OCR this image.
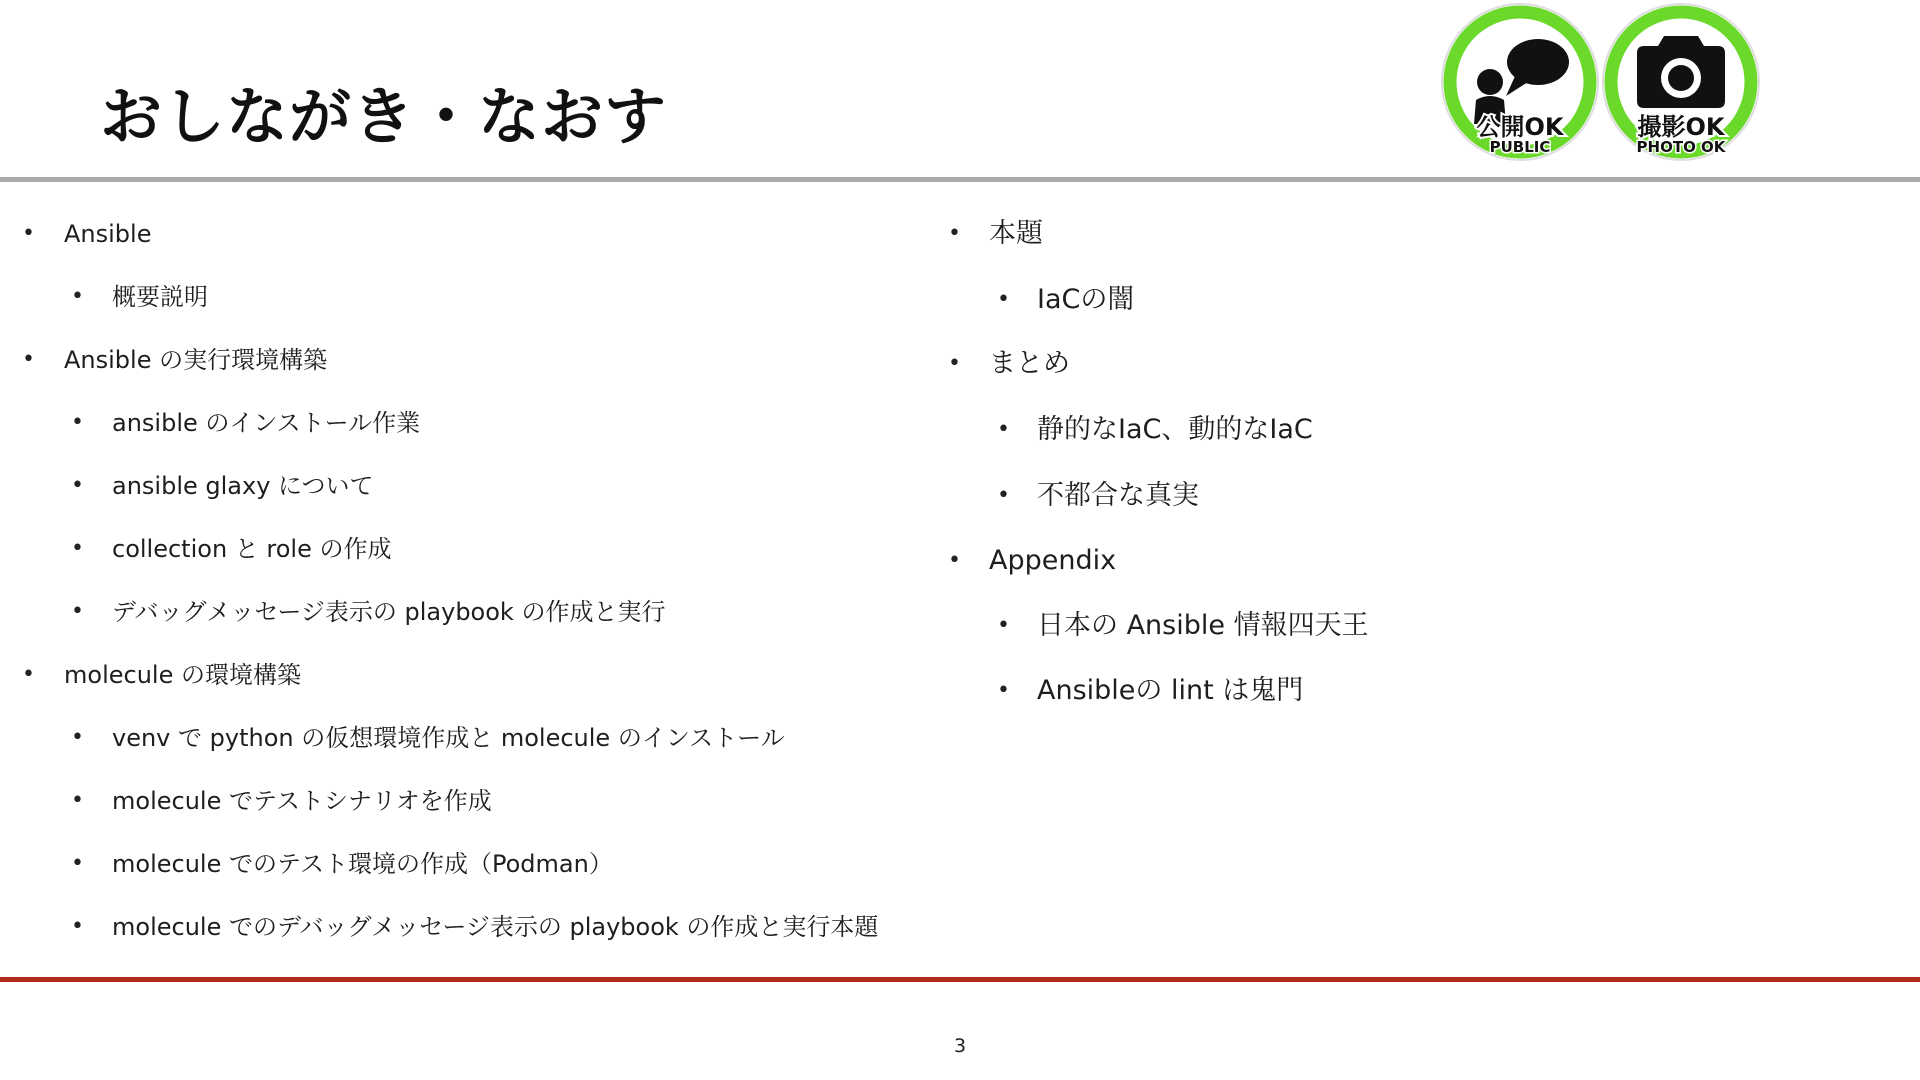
おしながき・なおす	公開OK
PUBLIC
撮影OK
PHOTO OK
• Ansible
• 概要説明
• Ansible の実行環境構築
• ansible のインストール作業
• ansible glaxy について
• collection と role の作成
• デバッグメッセージ表示の playbook の作成と実行
• molecule の環境構築
• venv で python の仮想環境作成と molecule のインストール
• molecule でテストシナリオを作成
• molecule でのテスト環境の作成（Podman）
• molecule でのデバッグメッセージ表示の playbook の作成と実行本題
• 本題
• IaCの闇
• まとめ
• 静的なIaC、動的なIaC
• 不都合な真実
• Appendix
• 日本の Ansible 情報四天王
• Ansibleの lint は鬼門
3
